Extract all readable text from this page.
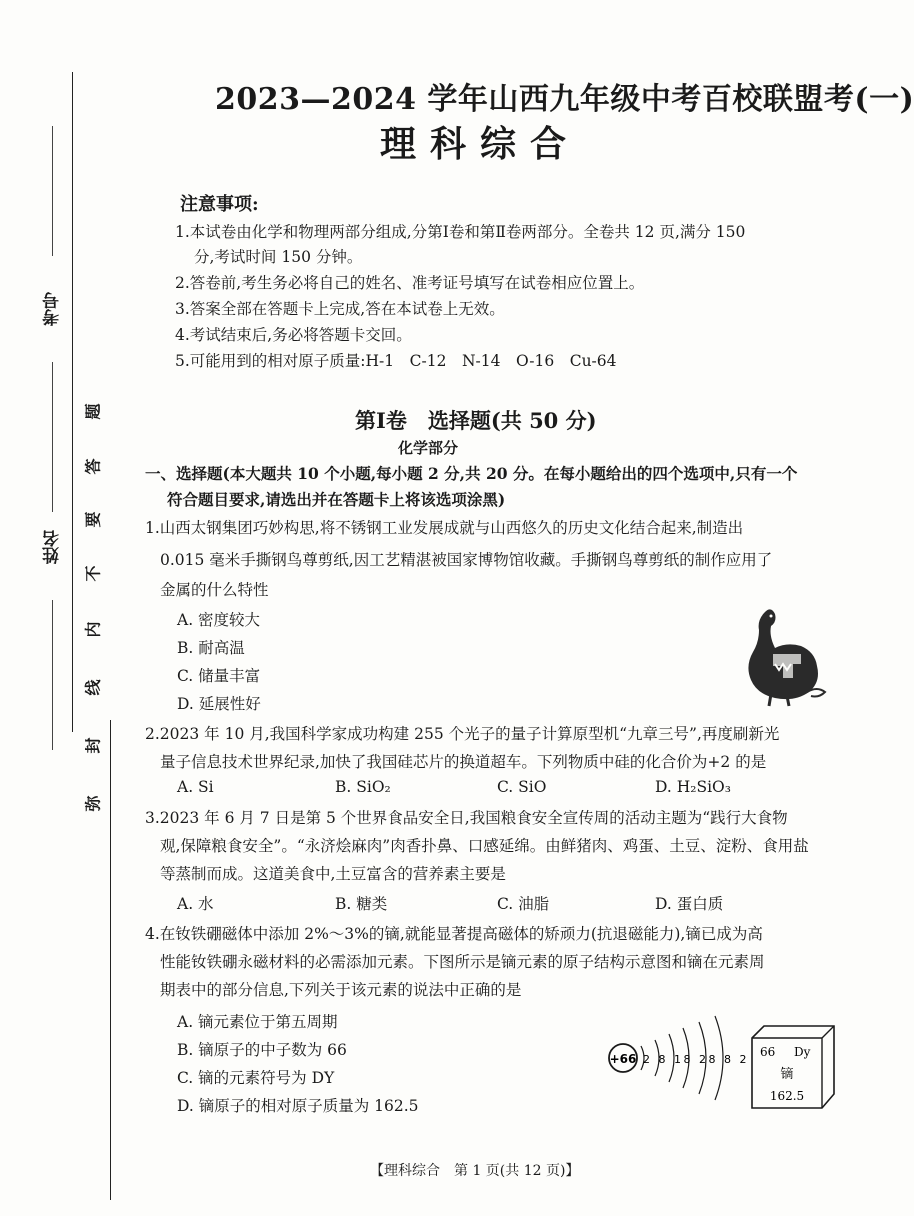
考号
姓名
题
答
要
不
内
线
封
弥
2023—2024 学年山西九年级中考百校联盟考(一)
理科综合
注意事项:
1.本试卷由化学和物理两部分组成,分第Ⅰ卷和第Ⅱ卷两部分。全卷共 12 页,满分 150
分,考试时间 150 分钟。
2.答卷前,考生务必将自己的姓名、准考证号填写在试卷相应位置上。
3.答案全部在答题卡上完成,答在本试卷上无效。
4.考试结束后,务必将答题卡交回。
5.可能用到的相对原子质量:H-1　C-12　N-14　O-16　Cu-64
第Ⅰ卷　选择题(共 50 分)
化学部分
一、选择题(本大题共 10 个小题,每小题 2 分,共 20 分。在每小题给出的四个选项中,只有一个
符合题目要求,请选出并在答题卡上将该选项涂黑)
1.山西太钢集团巧妙构思,将不锈钢工业发展成就与山西悠久的历史文化结合起来,制造出
0.015 毫米手撕钢鸟尊剪纸,因工艺精湛被国家博物馆收藏。手撕钢鸟尊剪纸的制作应用了
金属的什么特性
A. 密度较大
B. 耐高温
C. 储量丰富
D. 延展性好
2.2023 年 10 月,我国科学家成功构建 255 个光子的量子计算原型机“九章三号”,再度刷新光
量子信息技术世界纪录,加快了我国硅芯片的换道超车。下列物质中硅的化合价为+2 的是
A. Si	B. SiO₂	C. SiO	D. H₂SiO₃
3.2023 年 6 月 7 日是第 5 个世界食品安全日,我国粮食安全宣传周的活动主题为“践行大食物
观,保障粮食安全”。“永济烩麻肉”肉香扑鼻、口感延绵。由鲜猪肉、鸡蛋、土豆、淀粉、食用盐
等蒸制而成。这道美食中,土豆富含的营养素主要是
A. 水	B. 糖类	C. 油脂	D. 蛋白质
4.在钕铁硼磁体中添加 2%～3%的镝,就能显著提高磁体的矫顽力(抗退磁能力),镝已成为高
性能钕铁硼永磁材料的必需添加元素。下图所示是镝元素的原子结构示意图和镝在元素周
期表中的部分信息,下列关于该元素的说法中正确的是
A. 镝元素位于第五周期
B. 镝原子的中子数为 66
C. 镝的元素符号为 DY
D. 镝原子的相对原子质量为 162.5
+66 2 8 18 28 8 2
66 Dy
镝
162.5
【理科综合　第 1 页(共 12 页)】
